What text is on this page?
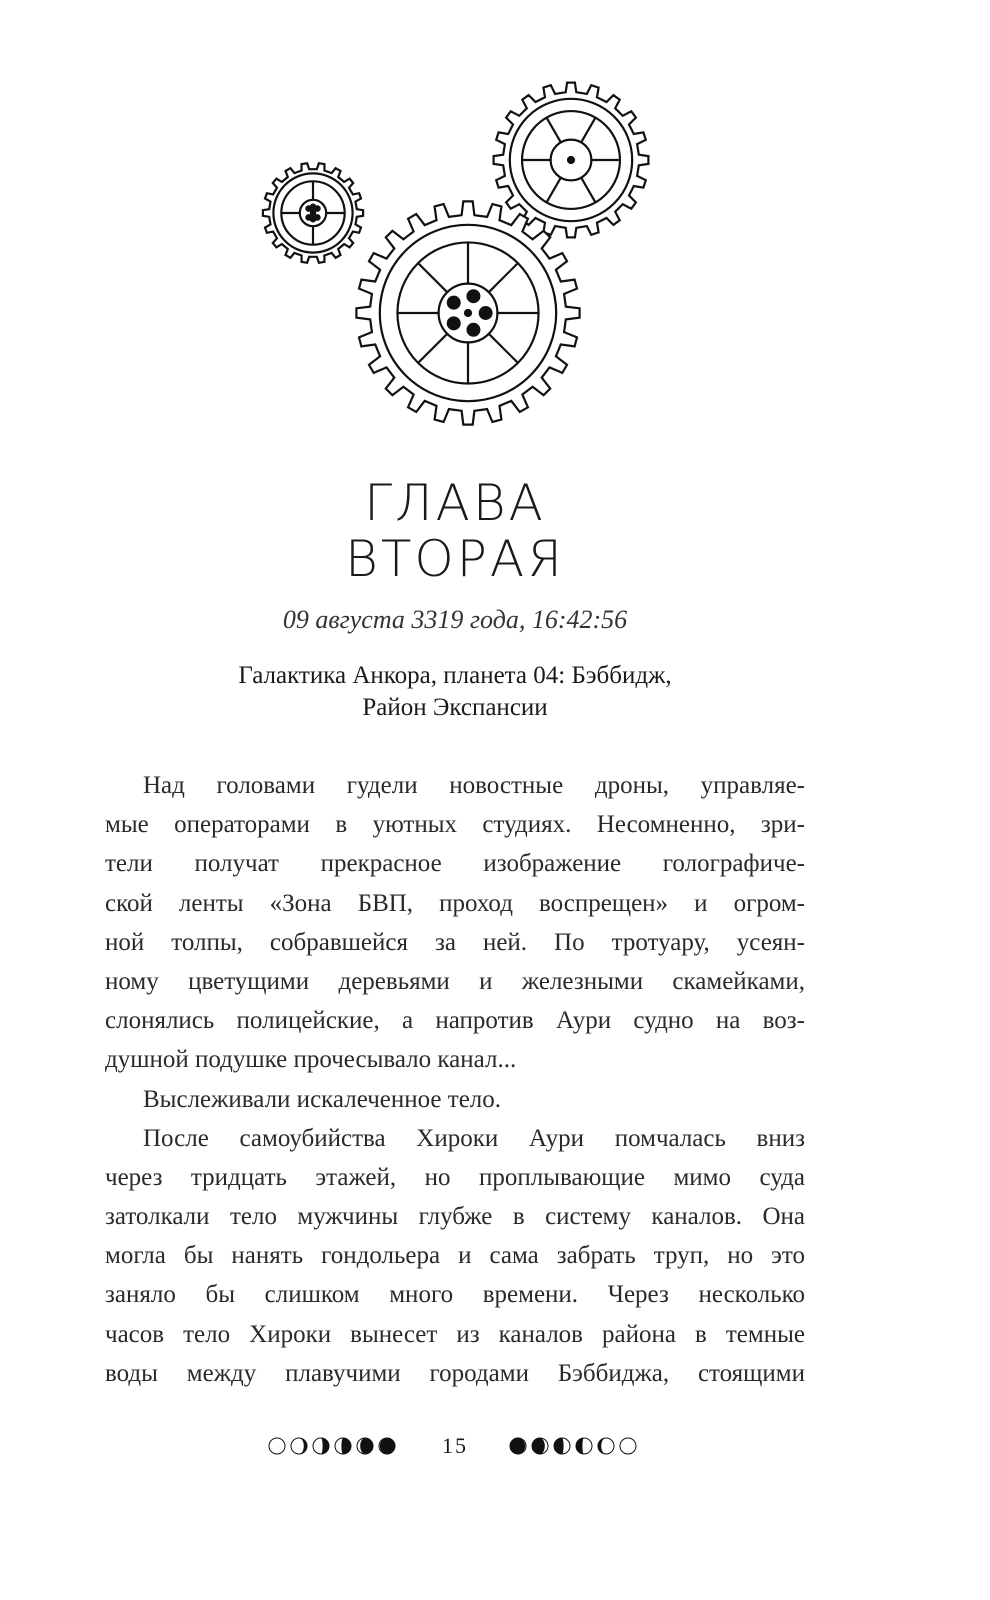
ГЛАВА
ВТОРАЯ
09 августа 3319 года, 16:42:56
Галактика Анкора, планета 04: Бэббидж,
Район Экспансии
Над головами гудели новостные дроны, управляе-
мые операторами в уютных студиях. Несомненно, зри-
тели получат прекрасное изображение голографиче-
ской ленты «Зона БВП, проход воспрещен» и огром-
ной толпы, собравшейся за ней. По тротуару, усеян-
ному цветущими деревьями и железными скамейками,
слонялись полицейские, а напротив Аури судно на воз-
душной подушке прочесывало канал...
Выслеживали искалеченное тело.
После самоубийства Хироки Аури помчалась вниз
через тридцать этажей, но проплывающие мимо суда
затолкали тело мужчины глубже в систему каналов. Она
могла бы нанять гондольера и сама забрать труп, но это
заняло бы слишком много времени. Через несколько
часов тело Хироки вынесет из каналов района в темные
воды между плавучими городами Бэббиджа, стоящими
15
